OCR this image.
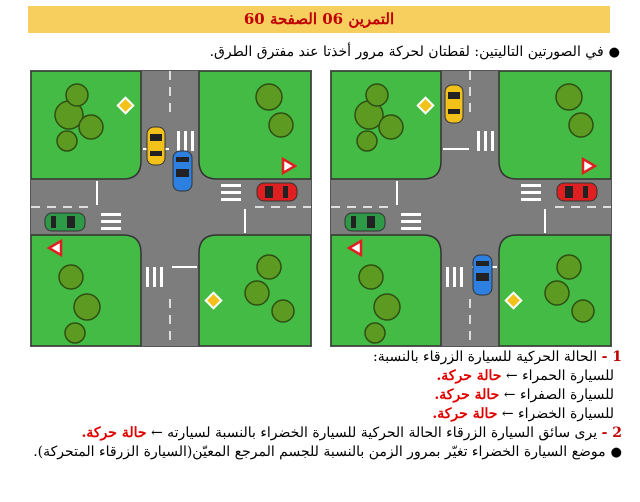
التمرين 06 الصفحة 60
●في الصورتين التاليتين: لقطتان لحركة مرور أخذتا عند مفترق الطرق.

1 - الحالة الحركية للسيارة الزرقاء بالنسبة:

للسيارة الحمراء ← حالة حركة.

للسيارة الصفراء ← حالة حركة.

للسيارة الخضراء ← حالة حركة.

2 - يرى سائق السيارة الزرقاء الحالة الحركية للسيارة الخضراء بالنسبة لسيارته ← حالة حركة.

●موضع السيارة الخضراء تغيّر بمرور الزمن بالنسبة للجسم المرجع المعيّن(السيارة الزرقاء المتحركة).
